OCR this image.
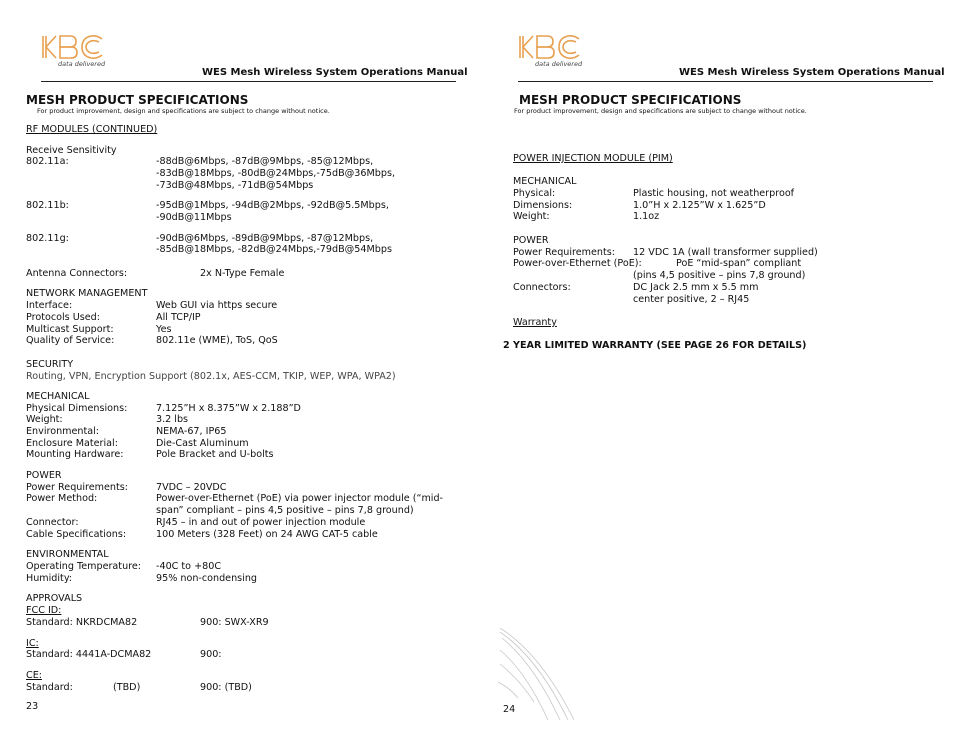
data delivered
WES Mesh Wireless System Operations Manual
MESH PRODUCT SPECIFICATIONS
For product improvement, design and specifications are subject to change without notice.
RF MODULES (CONTINUED)
Receive Sensitivity
802.11a:	-88dB@6Mbps, -87dB@9Mbps, -85@12Mbps,
-83dB@18Mbps, -80dB@24Mbps,-75dB@36Mbps,
-73dB@48Mbps, -71dB@54Mbps
802.11b:	-95dB@1Mbps, -94dB@2Mbps, -92dB@5.5Mbps,
-90dB@11Mbps
802.11g:	-90dB@6Mbps, -89dB@9Mbps, -87@12Mbps,
-85dB@18Mbps, -82dB@24Mbps,-79dB@54Mbps
Antenna Connectors:	2x N-Type Female
NETWORK MANAGEMENT
Interface:	Web GUI via https secure
Protocols Used:	All TCP/IP
Multicast Support:	Yes
Quality of Service:	802.11e (WME), ToS, QoS
SECURITY
Routing, VPN, Encryption Support (802.1x, AES-CCM, TKIP, WEP, WPA, WPA2)
MECHANICAL
Physical Dimensions:	7.125”H x 8.375”W x 2.188”D
Weight:	3.2 lbs
Environmental:	NEMA-67, IP65
Enclosure Material:	Die-Cast Aluminum
Mounting Hardware:	Pole Bracket and U-bolts
POWER
Power Requirements:	7VDC – 20VDC
Power Method:	Power-over-Ethernet (PoE) via power injector module (“mid-
span” compliant – pins 4,5 positive – pins 7,8 ground)
Connector:	RJ45 – in and out of power injection module
Cable Specifications:	100 Meters (328 Feet) on 24 AWG CAT-5 cable
ENVIRONMENTAL
Operating Temperature: -40C to +80C
Humidity:	95% non-condensing
APPROVALS
FCC ID:
Standard: NKRDCMA82	900: SWX-XR9
IC:
Standard: 4441A-DCMA82	900:
CE:
Standard:	(TBD)	900: (TBD)
23
data delivered
WES Mesh Wireless System Operations Manual
MESH PRODUCT SPECIFICATIONS
For product improvement, design and specifications are subject to change without notice.
POWER INJECTION MODULE (PIM)
MECHANICAL
Physical:	Plastic housing, not weatherproof
Dimensions:	1.0”H x 2.125”W x 1.625”D
Weight:	1.1oz
POWER
Power Requirements: 12 VDC 1A (wall transformer supplied)
Power-over-Ethernet (PoE):	PoE “mid-span” compliant
(pins 4,5 positive – pins 7,8 ground)
Connectors:	DC Jack 2.5 mm x 5.5 mm
center positive, 2 – RJ45
Warranty
2 YEAR LIMITED WARRANTY (SEE PAGE 26 FOR DETAILS)
24
